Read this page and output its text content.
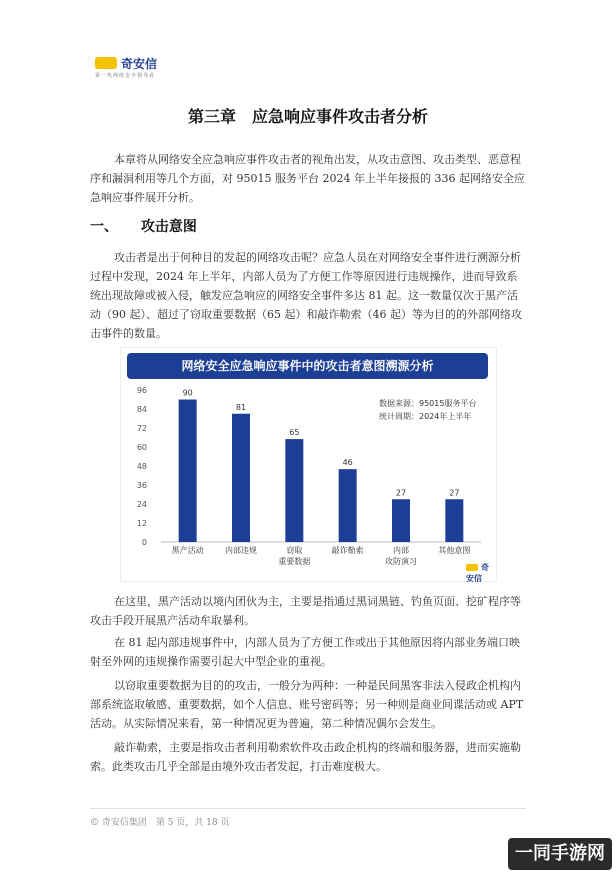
奇安信
第一代网络安全领导者
第三章　应急响应事件攻击者分析

本章将从网络安全应急响应事件攻击者的视角出发，从攻击意图、攻击类型、恶意程序和漏洞利用等几个方面，对 95015 服务平台 2024 年上半年接报的 336 起网络安全应急响应事件展开分析。

一、 攻击意图

攻击者是出于何种目的发起的网络攻击呢？应急人员在对网络安全事件进行溯源分析过程中发现，2024 年上半年，内部人员为了方便工作等原因进行违规操作，进而导致系统出现故障或被入侵，触发应急响应的网络安全事件多达 81 起。这一数量仅次于黑产活动（90 起）、超过了窃取重要数据（65 起）和敲诈勒索（46 起）等为目的的外部网络攻击事件的数量。

网络安全应急响应事件中的攻击者意图溯源分析
0
12
24
36
48
60
72
84
96	90
黑产活动
81
内部违规
65
窃取
重要数据
46
敲诈勒索
27
内部
攻防演习
27
其他意图
数据来源：95015服务平台
统计周期：2024年上半年
奇安信

在这里，黑产活动以境内团伙为主，主要是指通过黑词黑链、钓鱼页面、挖矿程序等攻击手段开展黑产活动牟取暴利。

在 81 起内部违规事件中，内部人员为了方便工作或出于其他原因将内部业务端口映射至外网的违规操作需要引起大中型企业的重视。

以窃取重要数据为目的的攻击，一般分为两种：一种是民间黑客非法入侵政企机构内部系统盗取敏感、重要数据，如个人信息、账号密码等；另一种则是商业间谍活动或 APT 活动。从实际情况来看，第一种情况更为普遍，第二种情况偶尔会发生。

敲诈勒索，主要是指攻击者利用勒索软件攻击政企机构的终端和服务器，进而实施勒索。此类攻击几乎全部是由境外攻击者发起，打击难度极大。

© 奇安信集团　第 5 页，共 18 页
一同手游网
